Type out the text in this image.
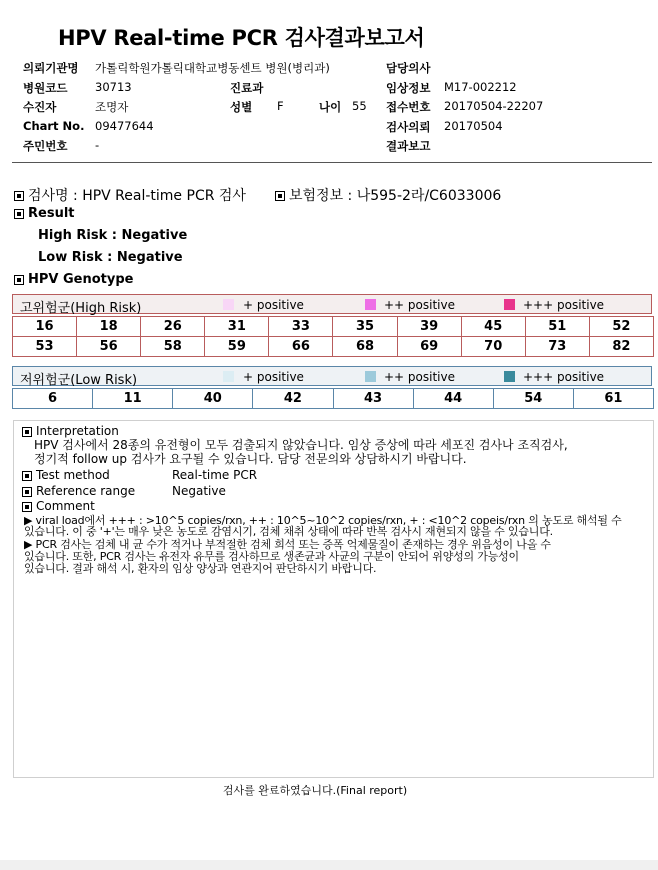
HPV Real-time PCR 검사결과보고서
의뢰기관명 가톨릭학원가톨릭대학교병동센트 병원(병리과)
병원코드 30713
수진자	조명자
Chart No. 09477644
주민번호 -
진료과
성별 F	나이 55
담당의사
임상정보 M17-002212
접수번호 20170504-22207
검사의뢰 20170504
결과보고
검사명 : HPV Real-time PCR 검사	보험정보 : 나595-2라/C6033006
Result
High Risk : Negative
Low Risk : Negative
HPV Genotype
고위험군(High Risk)	+ positive	++ positive	+++ positive
16	18	26	31	33	35	39	45	51	52
53	56	58	59	66	68	69	70	73	82
저위험군(Low Risk)	+ positive	++ positive	+++ positive
6	11	40	42	43	44	54	61
Interpretation
HPV 검사에서 28종의 유전형이 모두 검출되지 않았습니다. 임상 증상에 따라 세포진 검사나 조직검사,
정기적 follow up 검사가 요구될 수 있습니다. 담당 전문의와 상담하시기 바랍니다.
Test method	Real-time PCR
Reference range	Negative
Comment
▶ viral load에서 +++ : >10^5 copies/rxn, ++ : 10^5~10^2 copies/rxn, + : <10^2 copeis/rxn 의 농도로 해석될 수
있습니다. 이 중 '+'는 매우 낮은 농도로 감염시기, 검체 채취 상태에 따라 반복 검사시 재현되지 않을 수 있습니다.
▶ PCR 검사는 검체 내 균 수가 적거나 부적절한 검체 희석 또는 증폭 억제물질이 존재하는 경우 위음성이 나올 수
있습니다. 또한, PCR 검사는 유전자 유무를 검사하므로 생존균과 사균의 구분이 안되어 위양성의 가능성이
있습니다. 결과 해석 시, 환자의 임상 양상과 연관지어 판단하시기 바랍니다.
검사를 완료하였습니다.(Final report)
